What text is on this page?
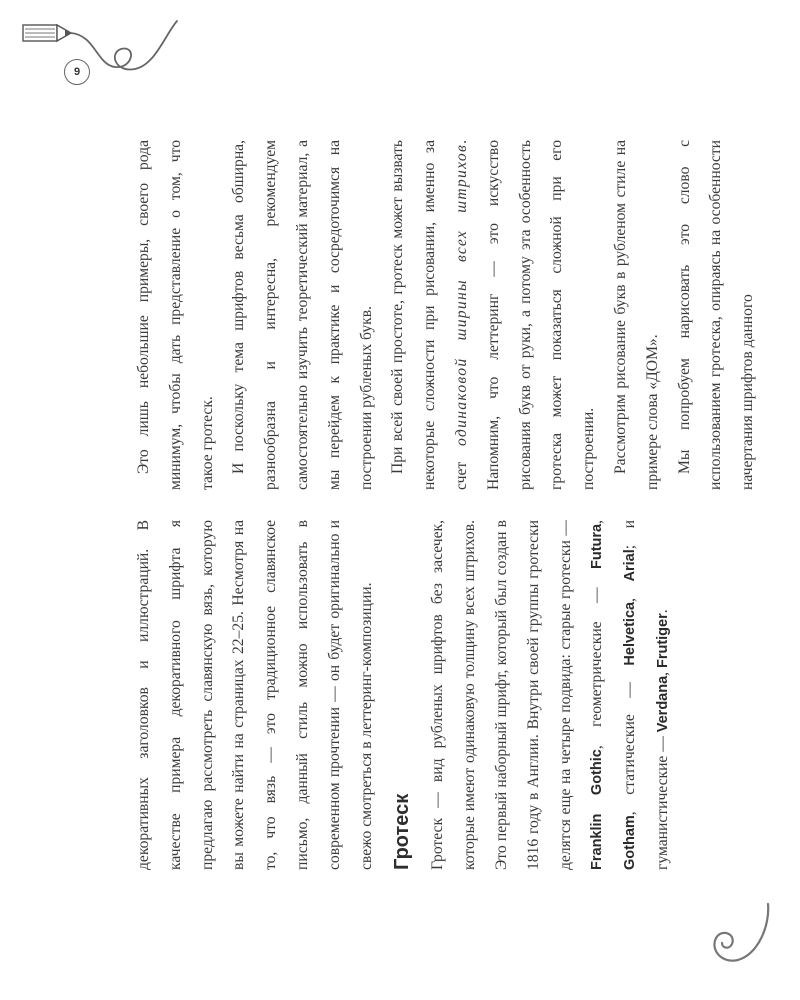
9

декоративных заголовков и иллюстраций. В качестве примера декоративного шрифта я предлагаю рассмотреть славянскую вязь, которую вы можете найти на страницах 22–25. Несмотря на то, что вязь — это традиционное славянское письмо, данный стиль можно использовать в современном прочтении — он будет оригинально и свежо смотреться в леттеринг-композиции. Гротеск	Гротеск — вид рубленых шрифтов без засечек, которые имеют одинаковую толщину всех штрихов. Это первый наборный шрифт, который был создан в 1816 году в Англии. Внутри своей группы гротески делятся еще на четыре подвида: старые гротески — Franklin Gothic, геометрические — Futura, Gotham, статические — Helvetica, Arial; и гуманистические — Verdana, Frutiger.

Это лишь небольшие примеры, своего рода минимум, чтобы дать представление о том, что такое гротеск. И поскольку тема шрифтов весьма обширна, разнообразна и интересна, рекомендуем самостоятельно изучить теоретический материал, а мы перейдем к практике и сосредоточимся на построении рубленых букв. При всей своей простоте, гротеск может вызвать некоторые сложности при рисовании, именно за счет одинаковой ширины всех штрихов. Напомним, что леттеринг — это искусство рисования букв от руки, а потому эта особенность гротеска может показаться сложной при его построении. Рассмотрим рисование букв в рубленом стиле на примере слова «ДОМ». Мы попробуем нарисовать это слово с использованием гротеска, опираясь на особенности начертания шрифтов данного
